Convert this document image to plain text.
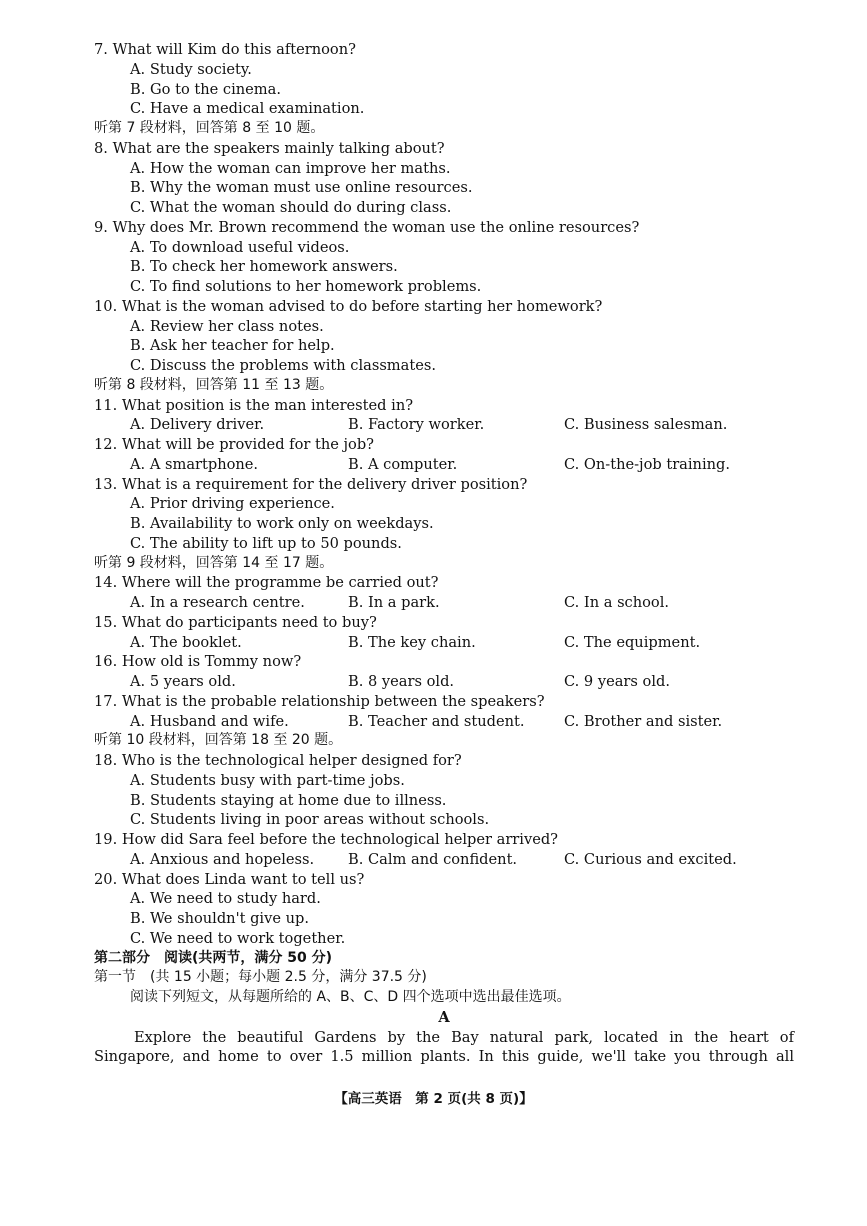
7. What will Kim do this afternoon?
A. Study society.
B. Go to the cinema.
C. Have a medical examination.
听第 7 段材料，回答第 8 至 10 题。
8. What are the speakers mainly talking about?
A. How the woman can improve her maths.
B. Why the woman must use online resources.
C. What the woman should do during class.
9. Why does Mr. Brown recommend the woman use the online resources?
A. To download useful videos.
B. To check her homework answers.
C. To find solutions to her homework problems.
10. What is the woman advised to do before starting her homework?
A. Review her class notes.
B. Ask her teacher for help.
C. Discuss the problems with classmates.
听第 8 段材料，回答第 11 至 13 题。
11. What position is the man interested in?
A. Delivery driver.	B. Factory worker.	C. Business salesman.
12. What will be provided for the job?
A. A smartphone.	B. A computer.	C. On-the-job training.
13. What is a requirement for the delivery driver position?
A. Prior driving experience.
B. Availability to work only on weekdays.
C. The ability to lift up to 50 pounds.
听第 9 段材料，回答第 14 至 17 题。
14. Where will the programme be carried out?
A. In a research centre.	B. In a park.	C. In a school.
15. What do participants need to buy?
A. The booklet.	B. The key chain.	C. The equipment.
16. How old is Tommy now?
A. 5 years old.	B. 8 years old.	C. 9 years old.
17. What is the probable relationship between the speakers?
A. Husband and wife.	B. Teacher and student.	C. Brother and sister.
听第 10 段材料，回答第 18 至 20 题。
18. Who is the technological helper designed for?
A. Students busy with part-time jobs.
B. Students staying at home due to illness.
C. Students living in poor areas without schools.
19. How did Sara feel before the technological helper arrived?
A. Anxious and hopeless. B. Calm and confident.	C. Curious and excited.
20. What does Linda want to tell us?
A. We need to study hard.
B. We shouldn't give up.
C. We need to work together.
第二部分　阅读(共两节，满分 50 分)
第一节　(共 15 小题；每小题 2.5 分，满分 37.5 分)
阅读下列短文，从每题所给的 A、B、C、D 四个选项中选出最佳选项。
A
Explore the beautiful Gardens by the Bay natural park, located in the heart of
Singapore, and home to over 1.5 million plants. In this guide, we'll take you through all
【高三英语　第 2 页(共 8 页)】
